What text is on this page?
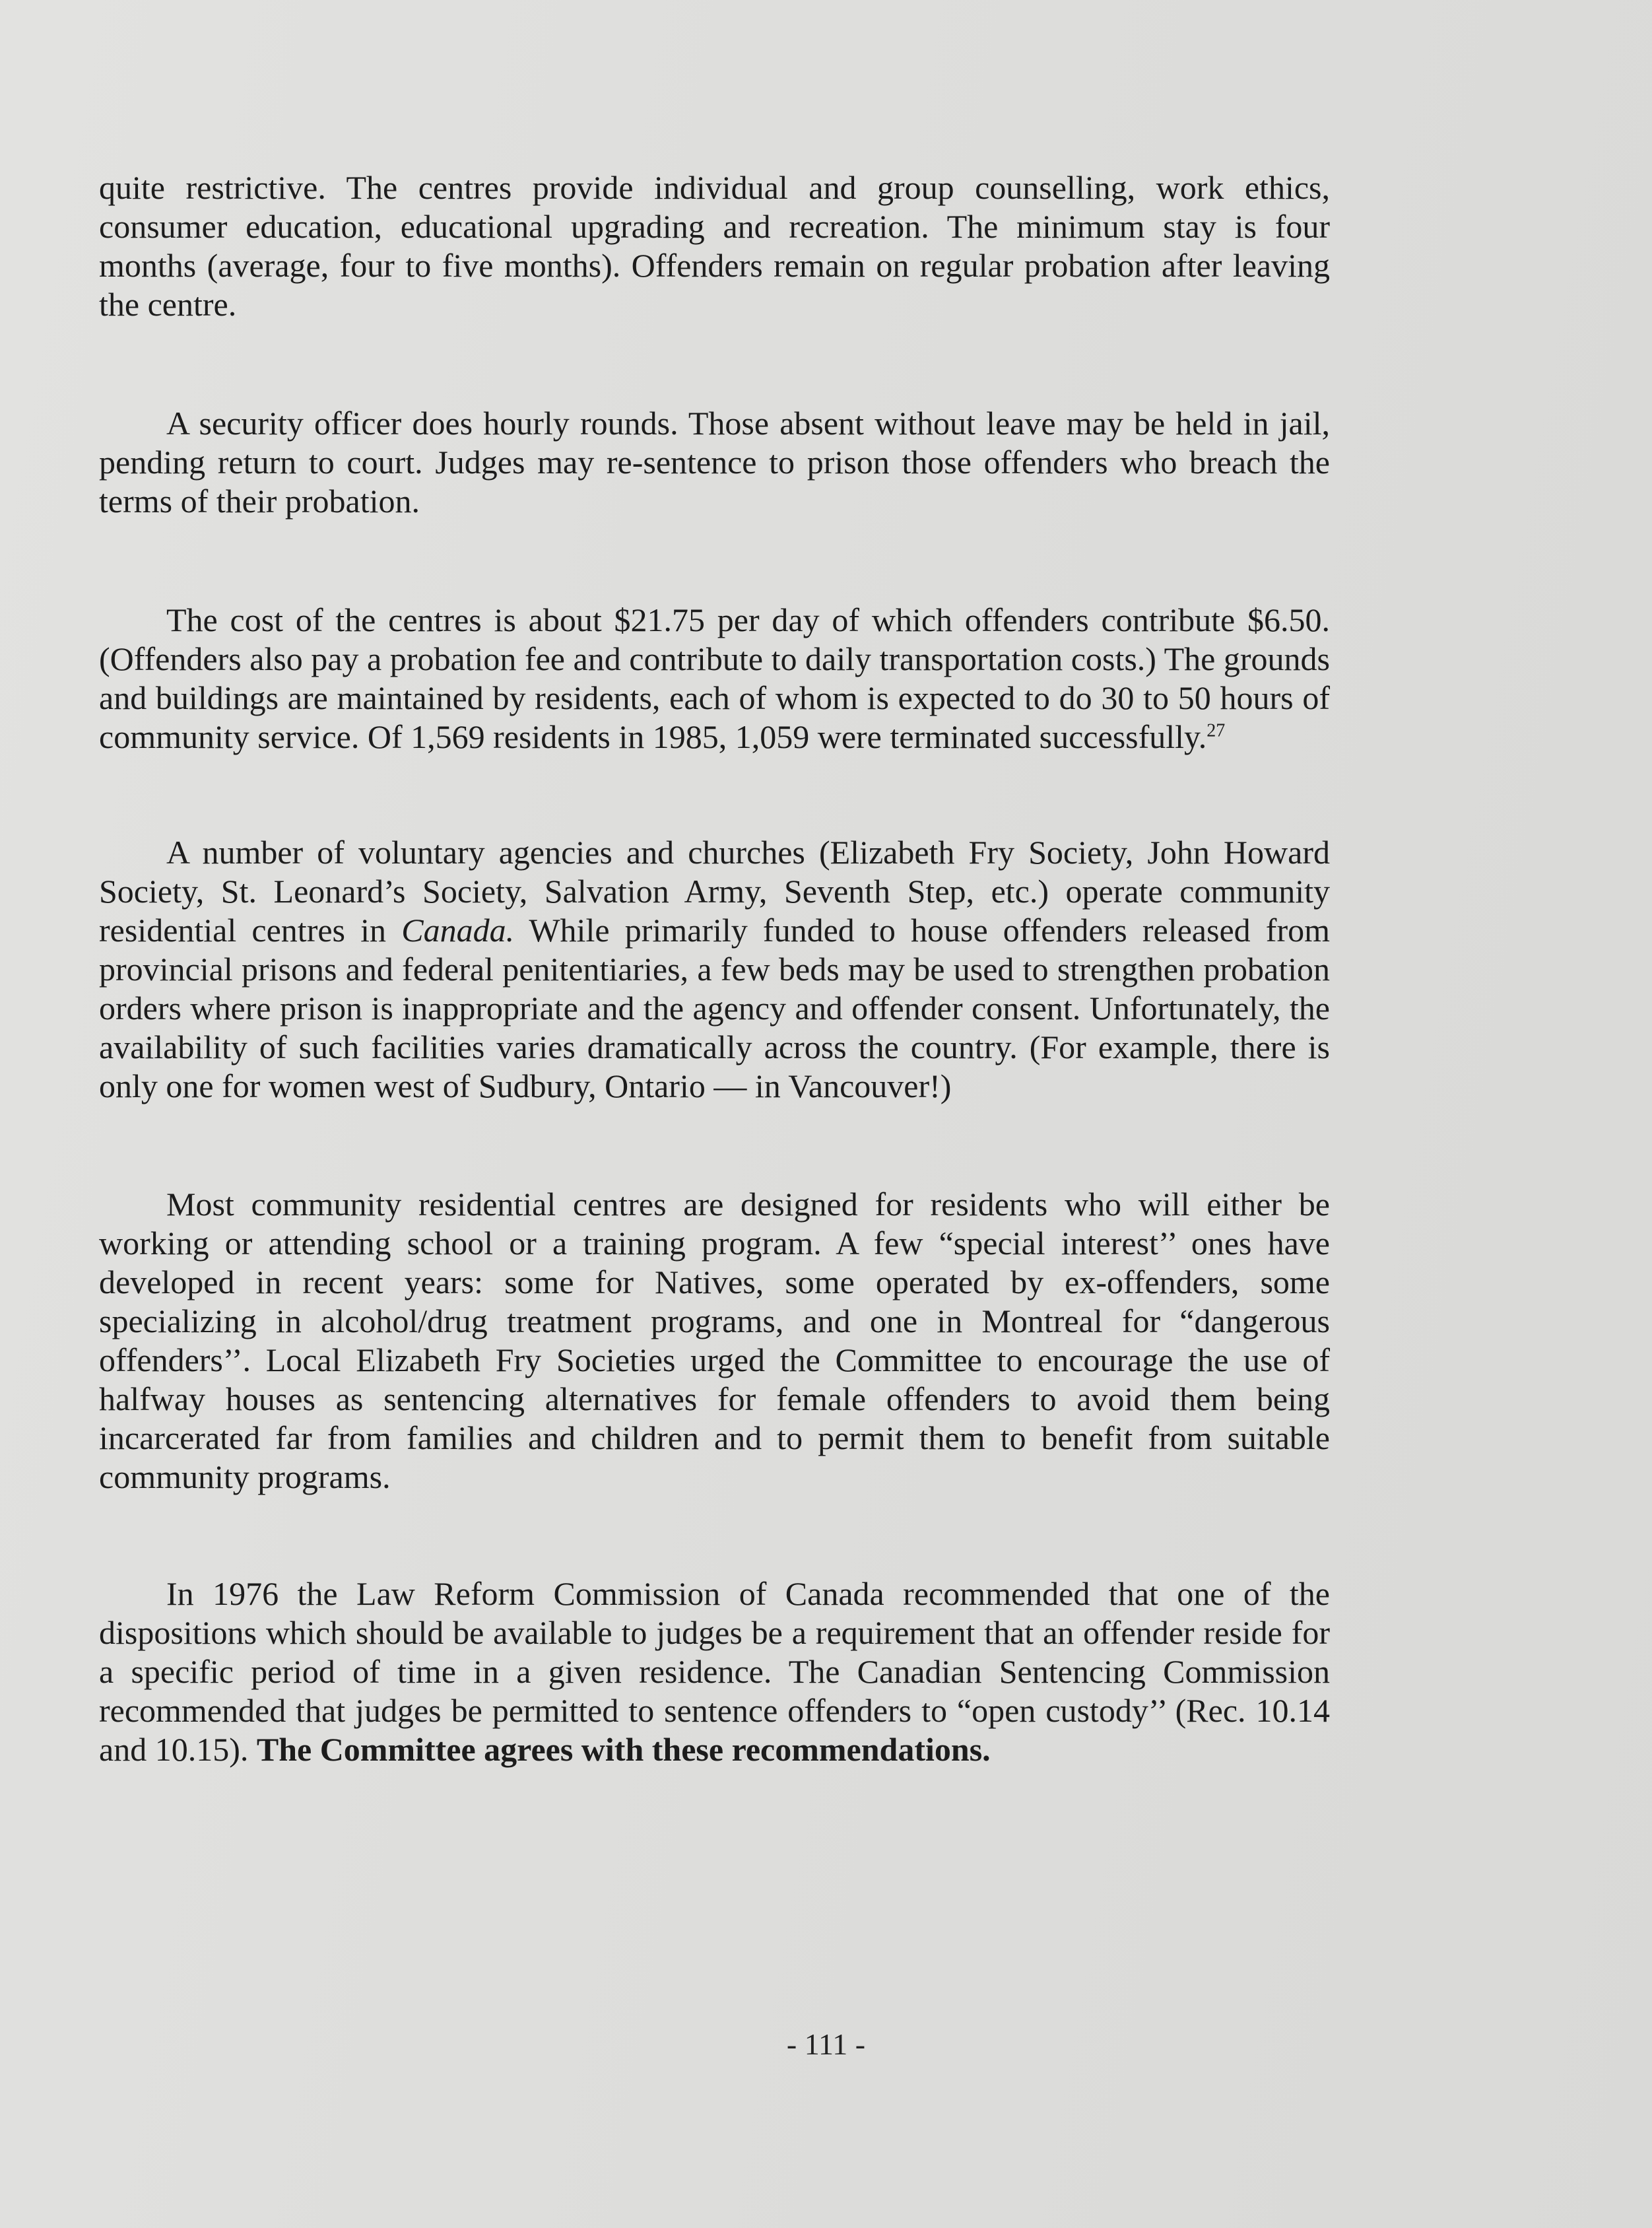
quite restrictive. The centres provide individual and group counselling, work ethics, consumer education, educational upgrading and recreation. The minimum stay is four months (average, four to five months). Offenders remain on regular probation after leaving the centre.

A security officer does hourly rounds. Those absent without leave may be held in jail, pending return to court. Judges may re-sentence to prison those offenders who breach the terms of their probation.

The cost of the centres is about $21.75 per day of which offenders contribute $6.50. (Offenders also pay a probation fee and contribute to daily transportation costs.) The grounds and buildings are maintained by residents, each of whom is expected to do 30 to 50 hours of community service. Of 1,569 residents in 1985, 1,059 were terminated successfully.$^{27}$

A number of voluntary agencies and churches (Elizabeth Fry Society, John Howard Society, St. Leonard’s Society, Salvation Army, Seventh Step, etc.) operate community residential centres in Canada. While primarily funded to house offenders released from provincial prisons and federal penitentiaries, a few beds may be used to strengthen probation orders where prison is inappropriate and the agency and offender consent. Unfortunately, the availability of such facilities varies dramatically across the country. (For example, there is only one for women west of Sudbury, Ontario — in Vancouver!)

Most community residential centres are designed for residents who will either be working or attending school or a training program. A few “special interest’’ ones have developed in recent years: some for Natives, some operated by ex-offenders, some specializing in alcohol/drug treatment programs, and one in Montreal for “dangerous offenders’’. Local Elizabeth Fry Societies urged the Committee to encourage the use of halfway houses as sentencing alternatives for female offenders to avoid them being incarcerated far from families and children and to permit them to benefit from suitable community programs.

In 1976 the Law Reform Commission of Canada recommended that one of the dispositions which should be available to judges be a requirement that an offender reside for a specific period of time in a given residence. The Canadian Sentencing Commission recommended that judges be permitted to sentence offenders to “open custody’’ (Rec. 10.14 and 10.15). The Committee agrees with these recommendations.

- 111 -
